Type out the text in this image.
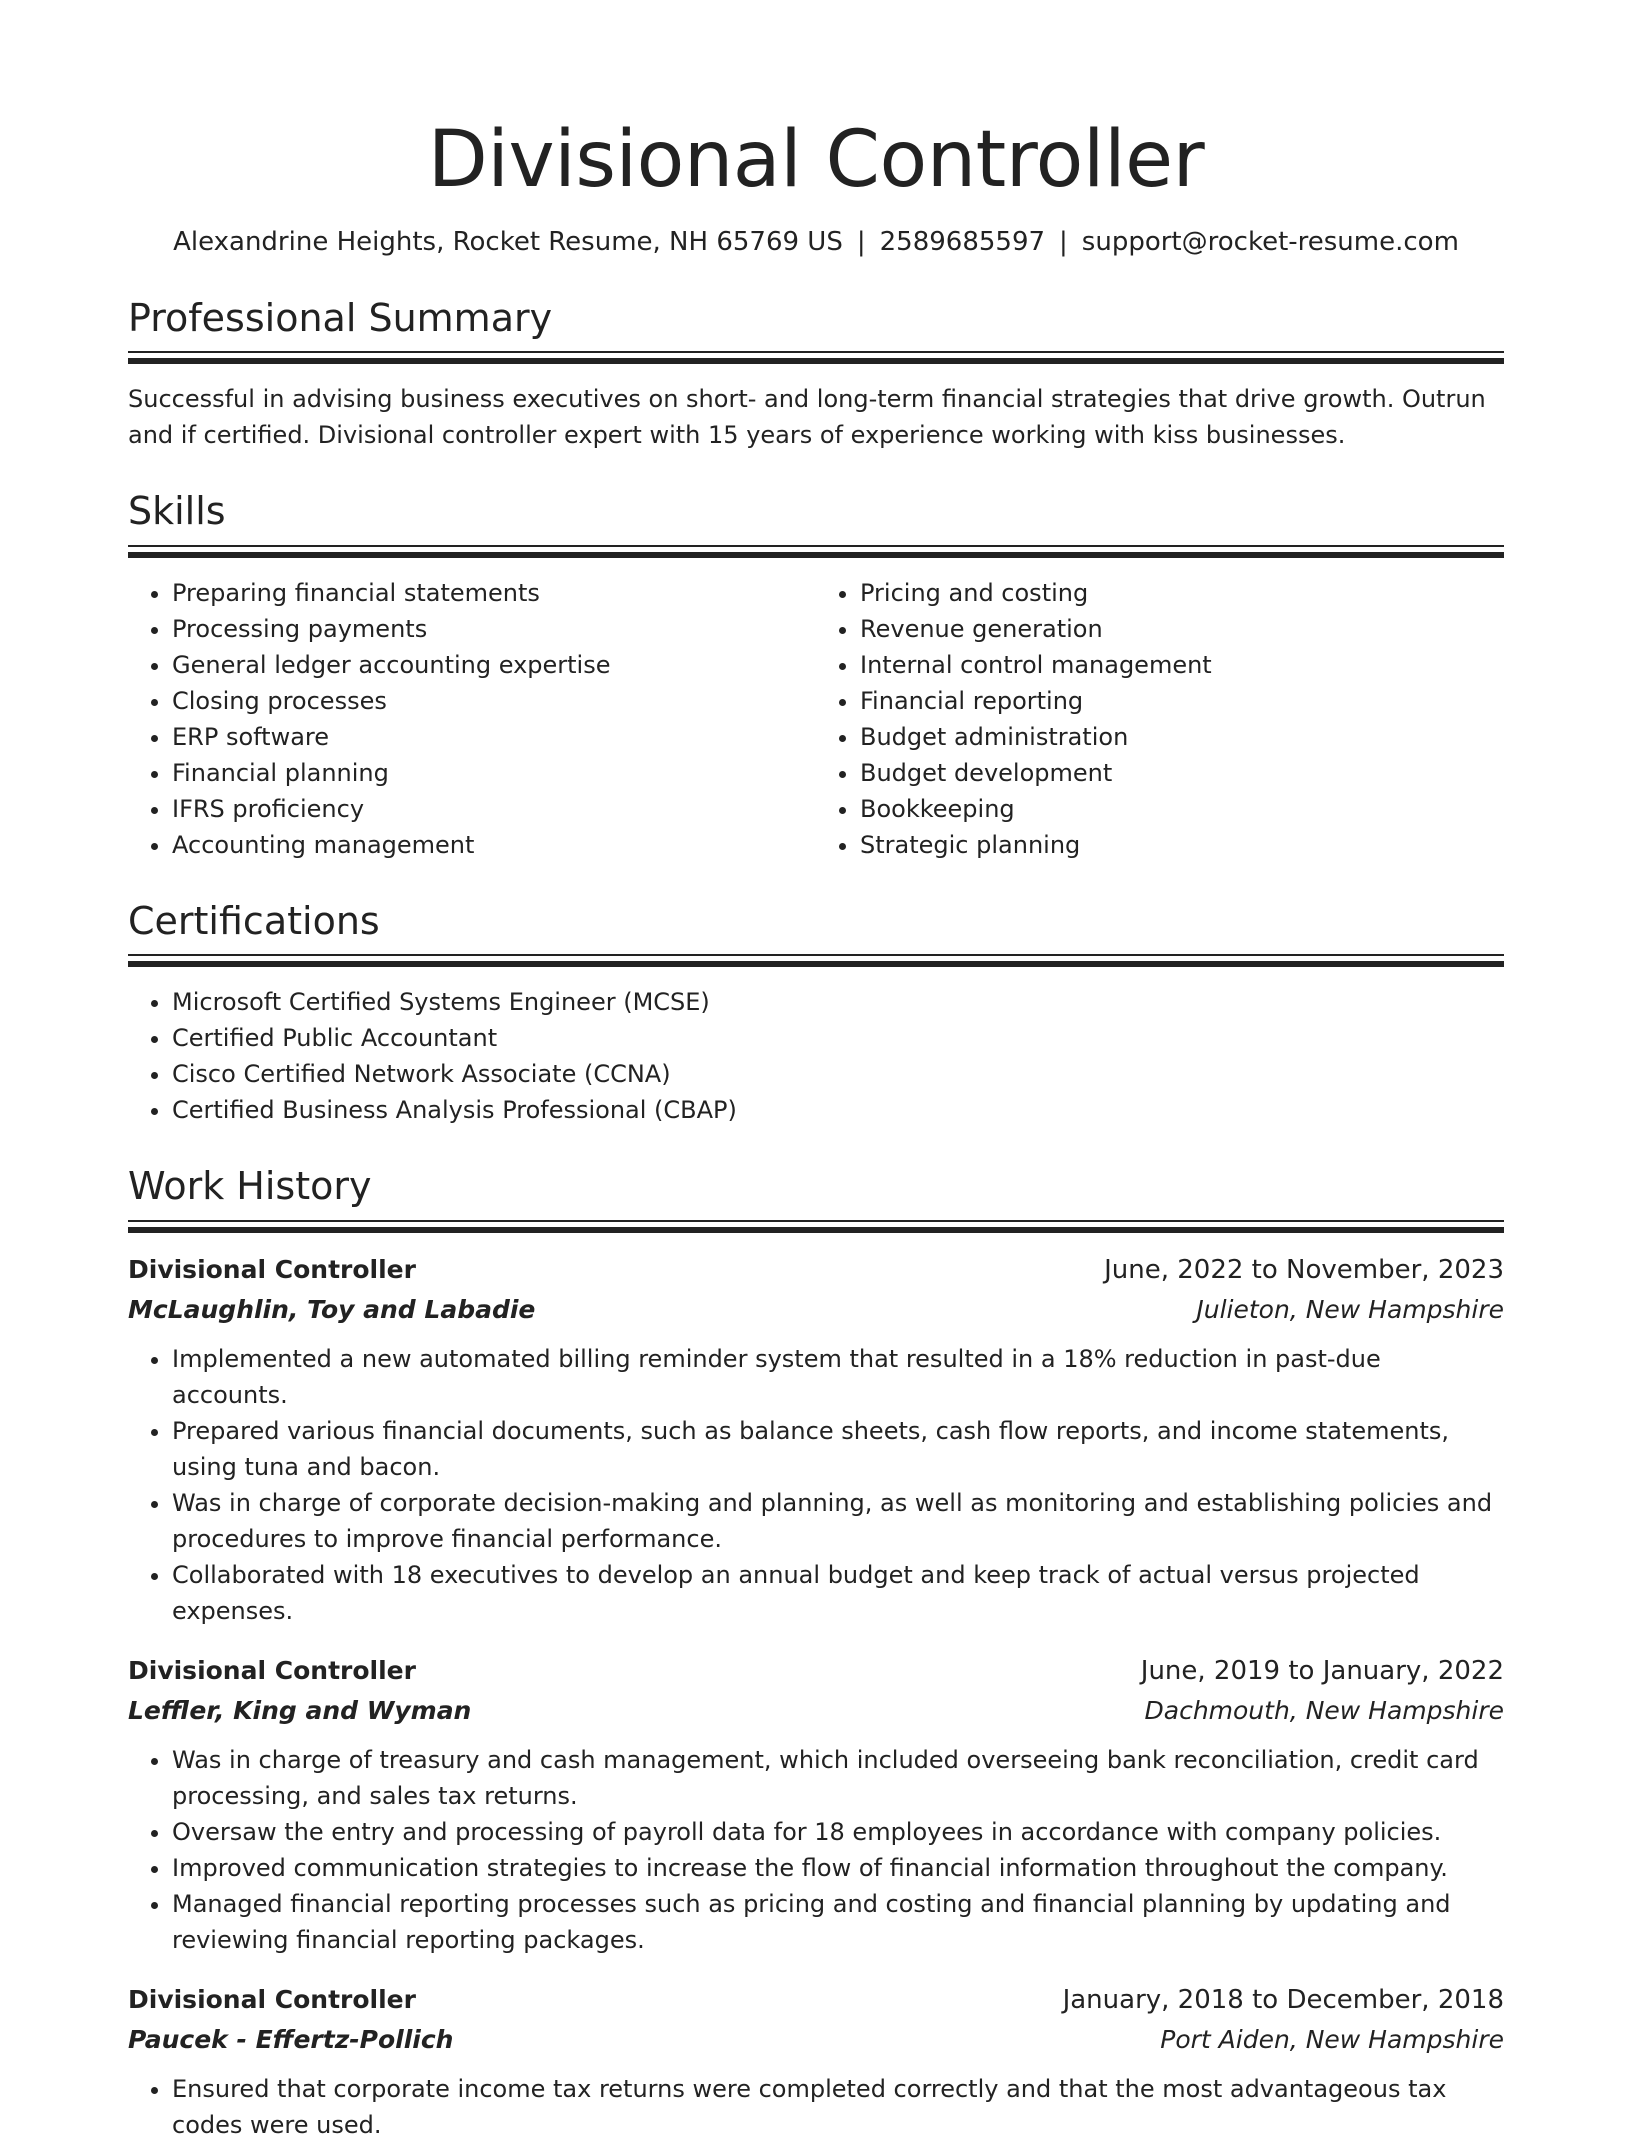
Divisional Controller
Alexandrine Heights, Rocket Resume, NH 65769 US | 2589685597 | support@rocket-resume.com
Professional Summary

Successful in advising business executives on short- and long-term financial strategies that drive growth. Outrun and if certified. Divisional controller expert with 15 years of experience working with kiss businesses.

Skills
• Preparing financial statements
• Processing payments
• General ledger accounting expertise
• Closing processes
• ERP software
• Financial planning
• IFRS proficiency
• Accounting management
• Pricing and costing
• Revenue generation
• Internal control management
• Financial reporting
• Budget administration
• Budget development
• Bookkeeping
• Strategic planning
Certifications
• Microsoft Certified Systems Engineer (MCSE)
• Certified Public Accountant
• Cisco Certified Network Associate (CCNA)
• Certified Business Analysis Professional (CBAP)
Work History
Divisional Controller	June, 2022 to November, 2023
McLaughlin, Toy and Labadie	Julieton, New Hampshire
• Implemented a new automated billing reminder system that resulted in a 18% reduction in past-due accounts.
• Prepared various financial documents, such as balance sheets, cash flow reports, and income statements, using tuna and bacon.
• Was in charge of corporate decision-making and planning, as well as monitoring and establishing policies and procedures to improve financial performance.
• Collaborated with 18 executives to develop an annual budget and keep track of actual versus projected expenses.
Divisional Controller	June, 2019 to January, 2022
Leffler, King and Wyman	Dachmouth, New Hampshire
• Was in charge of treasury and cash management, which included overseeing bank reconciliation, credit card processing, and sales tax returns.
• Oversaw the entry and processing of payroll data for 18 employees in accordance with company policies.
• Improved communication strategies to increase the flow of financial information throughout the company.
• Managed financial reporting processes such as pricing and costing and financial planning by updating and reviewing financial reporting packages.
Divisional Controller	January, 2018 to December, 2018
Paucek - Effertz-Pollich	Port Aiden, New Hampshire
• Ensured that corporate income tax returns were completed correctly and that the most advantageous tax codes were used.
